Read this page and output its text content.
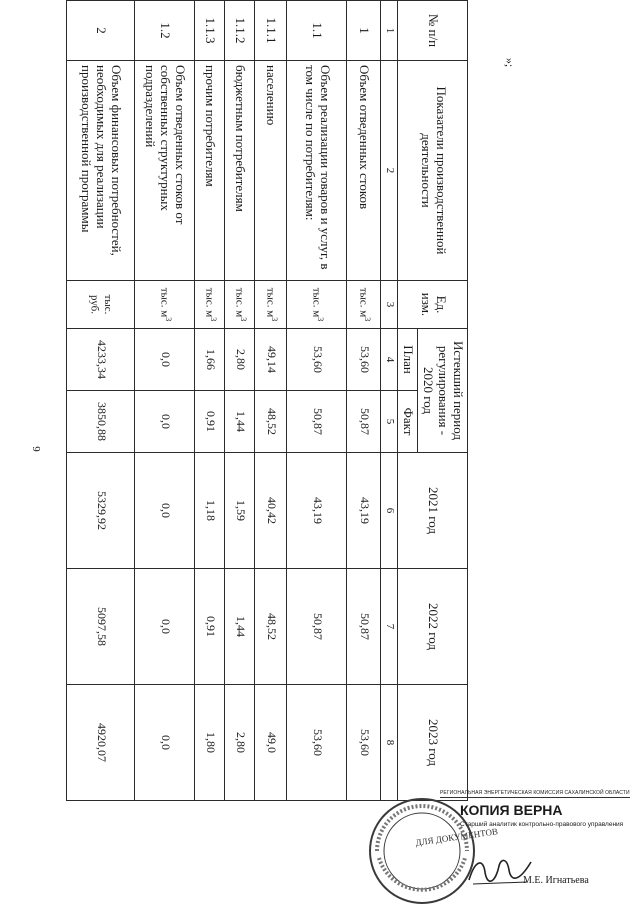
6
»;
№ п/п	Показатели производственной деятельности	Ед. изм.	Истекший период регулирования - 2020 год		2021 год	2022 год	2023 год
			План	Факт			
1	2	3	4	5	6	7	8
1	Объем отведенных стоков	тыс. $м^3$	53,60	50,87	43,19	50,87	53,60
1.1	Объем реализации товаров и услуг, в том числе по потребителям:	тыс. $м^3$	53,60	50,87	43,19	50,87	53,60
1.1.1	населению	тыс. $м^3$	49,14	48,52	40,42	48,52	49,0
1.1.2	бюджетным потребителям	тыс. $м^3$	2,80	1,44	1,59	1,44	2,80
1.1.3	прочим потребителям	тыс. $м^3$	1,66	0,91	1,18	0,91	1,80
1.2	Объем отведенных стоков от собственных структурных подразделений	тыс. $м^3$	0,0	0,0	0,0	0,0	0,0
2	Объем финансовых потребностей, необходимых для реализации производственной программы	тыс. руб.	4233,34	3850,88	5329,92	5097,58	4920,07
ДЛЯ ДОКУМЕНТОВ
РЕГИОНАЛЬНАЯ ЭНЕРГЕТИЧЕСКАЯ КОМИССИЯ САХАЛИНСКОЙ ОБЛАСТИ
КОПИЯ ВЕРНА
Старший аналитик контрольно-правового управления
М.Е. Игнатьева
